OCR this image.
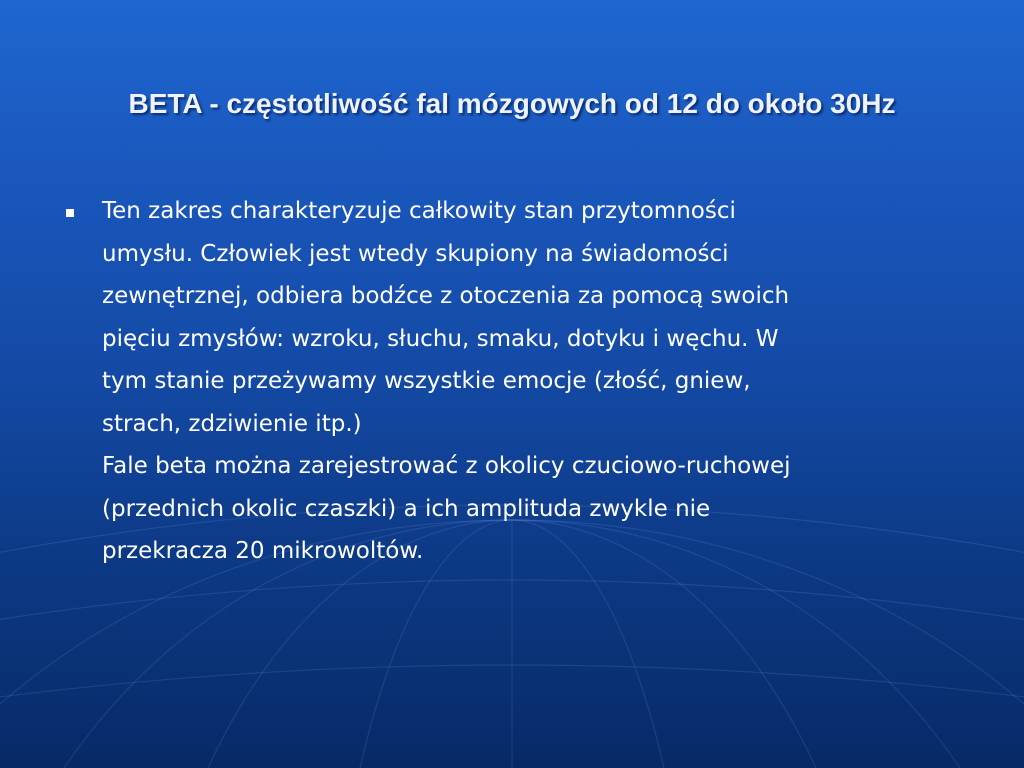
BETA - częstotliwość fal mózgowych od 12 do około 30Hz

Ten zakres charakteryzuje całkowity stan przytomności
umysłu. Człowiek jest wtedy skupiony na świadomości
zewnętrznej, odbiera bodźce z otoczenia za pomocą swoich
pięciu zmysłów: wzroku, słuchu, smaku, dotyku i węchu. W
tym stanie przeżywamy wszystkie emocje (złość, gniew,
strach, zdziwienie itp.)
Fale beta można zarejestrować z okolicy czuciowo-ruchowej
(przednich okolic czaszki) a ich amplituda zwykle nie
przekracza 20 mikrowoltów.
